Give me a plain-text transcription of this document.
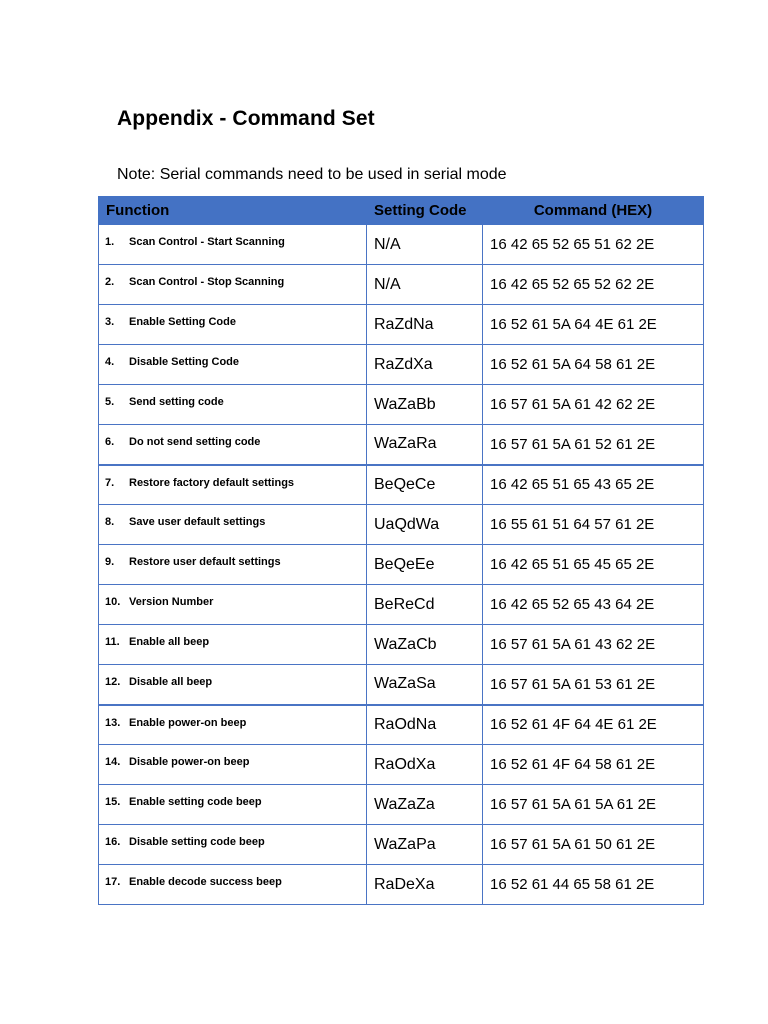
Appendix - Command Set
Note: Serial commands need to be used in serial mode
Function	Setting Code	Command (HEX)
1. Scan Control - Start Scanning	N/A	16 42 65 52 65 51 62 2E
2. Scan Control - Stop Scanning	N/A	16 42 65 52 65 52 62 2E
3. Enable Setting Code	RaZdNa	16 52 61 5A 64 4E 61 2E
4. Disable Setting Code	RaZdXa	16 52 61 5A 64 58 61 2E
5. Send setting code	WaZaBb	16 57 61 5A 61 42 62 2E
6. Do not send setting code	WaZaRa	16 57 61 5A 61 52 61 2E
7. Restore factory default settings	BeQeCe	16 42 65 51 65 43 65 2E
8. Save user default settings	UaQdWa	16 55 61 51 64 57 61 2E
9. Restore user default settings	BeQeEe	16 42 65 51 65 45 65 2E
10. Version Number	BeReCd	16 42 65 52 65 43 64 2E
11. Enable all beep	WaZaCb	16 57 61 5A 61 43 62 2E
12. Disable all beep	WaZaSa	16 57 61 5A 61 53 61 2E
13. Enable power-on beep	RaOdNa	16 52 61 4F 64 4E 61 2E
14. Disable power-on beep	RaOdXa	16 52 61 4F 64 58 61 2E
15. Enable setting code beep	WaZaZa	16 57 61 5A 61 5A 61 2E
16. Disable setting code beep	WaZaPa	16 57 61 5A 61 50 61 2E
17. Enable decode success beep	RaDeXa	16 52 61 44 65 58 61 2E
